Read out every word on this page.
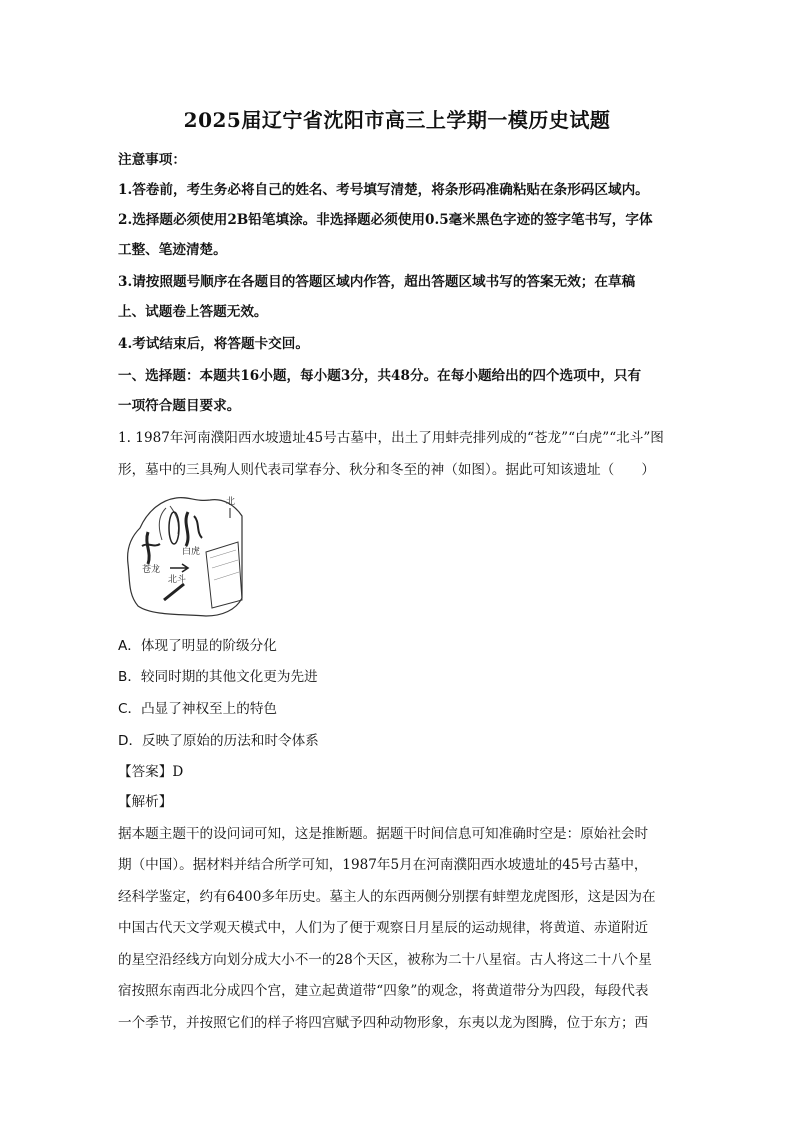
2025届辽宁省沈阳市高三上学期一模历史试题
注意事项：
1.答卷前，考生务必将自己的姓名、考号填写清楚，将条形码准确粘贴在条形码区域内。
2.选择题必须使用2B铅笔填涂。非选择题必须使用0.5毫米黑色字迹的签字笔书写，字体
工整、笔迹清楚。
3.请按照题号顺序在各题目的答题区域内作答，超出答题区域书写的答案无效；在草稿
上、试题卷上答题无效。
4.考试结束后，将答题卡交回。
一、选择题：本题共16小题，每小题3分，共48分。在每小题给出的四个选项中，只有
一项符合题目要求。
1. 1987年河南濮阳西水坡遗址45号古墓中，出土了用蚌壳排列成的“苍龙”“白虎”“北斗”图
形，墓中的三具殉人则代表司掌春分、秋分和冬至的神（如图）。据此可知该遗址（　　）
北
白虎
苍龙
北斗
A．体现了明显的阶级分化
B．较同时期的其他文化更为先进
C．凸显了神权至上的特色
D．反映了原始的历法和时令体系
【答案】D
【解析】
据本题主题干的设问词可知，这是推断题。据题干时间信息可知准确时空是：原始社会时
期（中国）。据材料并结合所学可知，1987年5月在河南濮阳西水坡遗址的45号古墓中，
经科学鉴定，约有6400多年历史。墓主人的东西两侧分别摆有蚌塑龙虎图形，这是因为在
中国古代天文学观天模式中，人们为了便于观察日月星辰的运动规律，将黄道、赤道附近
的星空沿经线方向划分成大小不一的28个天区，被称为二十八星宿。古人将这二十八个星
宿按照东南西北分成四个宫，建立起黄道带“四象”的观念，将黄道带分为四段，每段代表
一个季节，并按照它们的样子将四宫赋予四种动物形象，东夷以龙为图腾，位于东方；西
